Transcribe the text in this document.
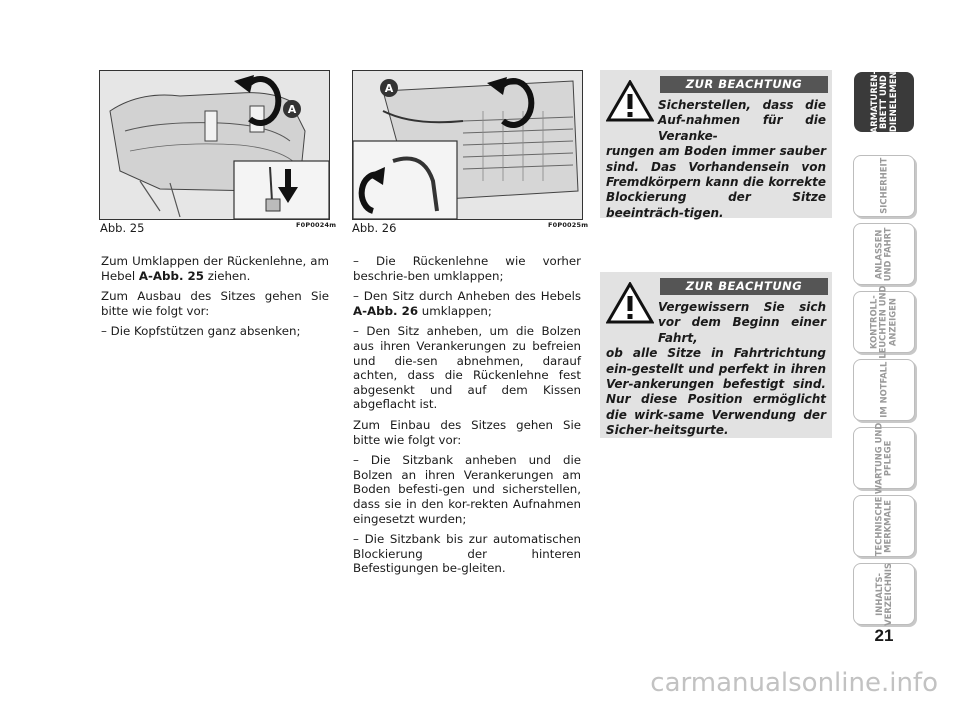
A
Abb. 25	F0P0024m
A
Abb. 26	F0P0025m

Zum Umklappen der Rückenlehne, am Hebel A-Abb. 25 ziehen.

Zum Ausbau des Sitzes gehen Sie bitte wie folgt vor:

– Die Kopfstützen ganz absenken;

– Die Rückenlehne wie vorher beschrie-ben umklappen;

– Den Sitz durch Anheben des Hebels A-Abb. 26 umklappen;

– Den Sitz anheben, um die Bolzen aus ihren Verankerungen zu befreien und die-sen abnehmen, darauf achten, dass die Rückenlehne fest abgesenkt und auf dem Kissen abgeflacht ist.

Zum Einbau des Sitzes gehen Sie bitte wie folgt vor:

– Die Sitzbank anheben und die Bolzen an ihren Verankerungen am Boden befesti-gen und sicherstellen, dass sie in den kor-rekten Aufnahmen eingesetzt wurden;

– Die Sitzbank bis zur automatischen Blockierung der hinteren Befestigungen be-gleiten.

ZUR BEACHTUNG
Sicherstellen, dass die Auf-nahmen für die Veranke-
rungen am Boden immer sauber sind. Das Vorhandensein von Fremdkörpern kann die korrekte Blockierung der Sitze beeinträch-tigen.
ZUR BEACHTUNG
Vergewissern Sie sich vor dem Beginn einer Fahrt,
ob alle Sitze in Fahrtrichtung ein-gestellt und perfekt in ihren Ver-ankerungen befestigt sind. Nur diese Position ermöglicht die wirk-same Verwendung der Sicher-heitsgurte.
ARMATUREN-
BRETT UND
BEDIENELEMENTE
SICHERHEIT
ANLASSEN
UND FAHRT
KONTROLL-
LEUCHTEN UND
ANZEIGEN
IM NOTFALL
WARTUNG UND
PFLEGE
TECHNISCHE
MERKMALE
INHALTS-
VERZEICHNIS
21
carmanualsonline.info
